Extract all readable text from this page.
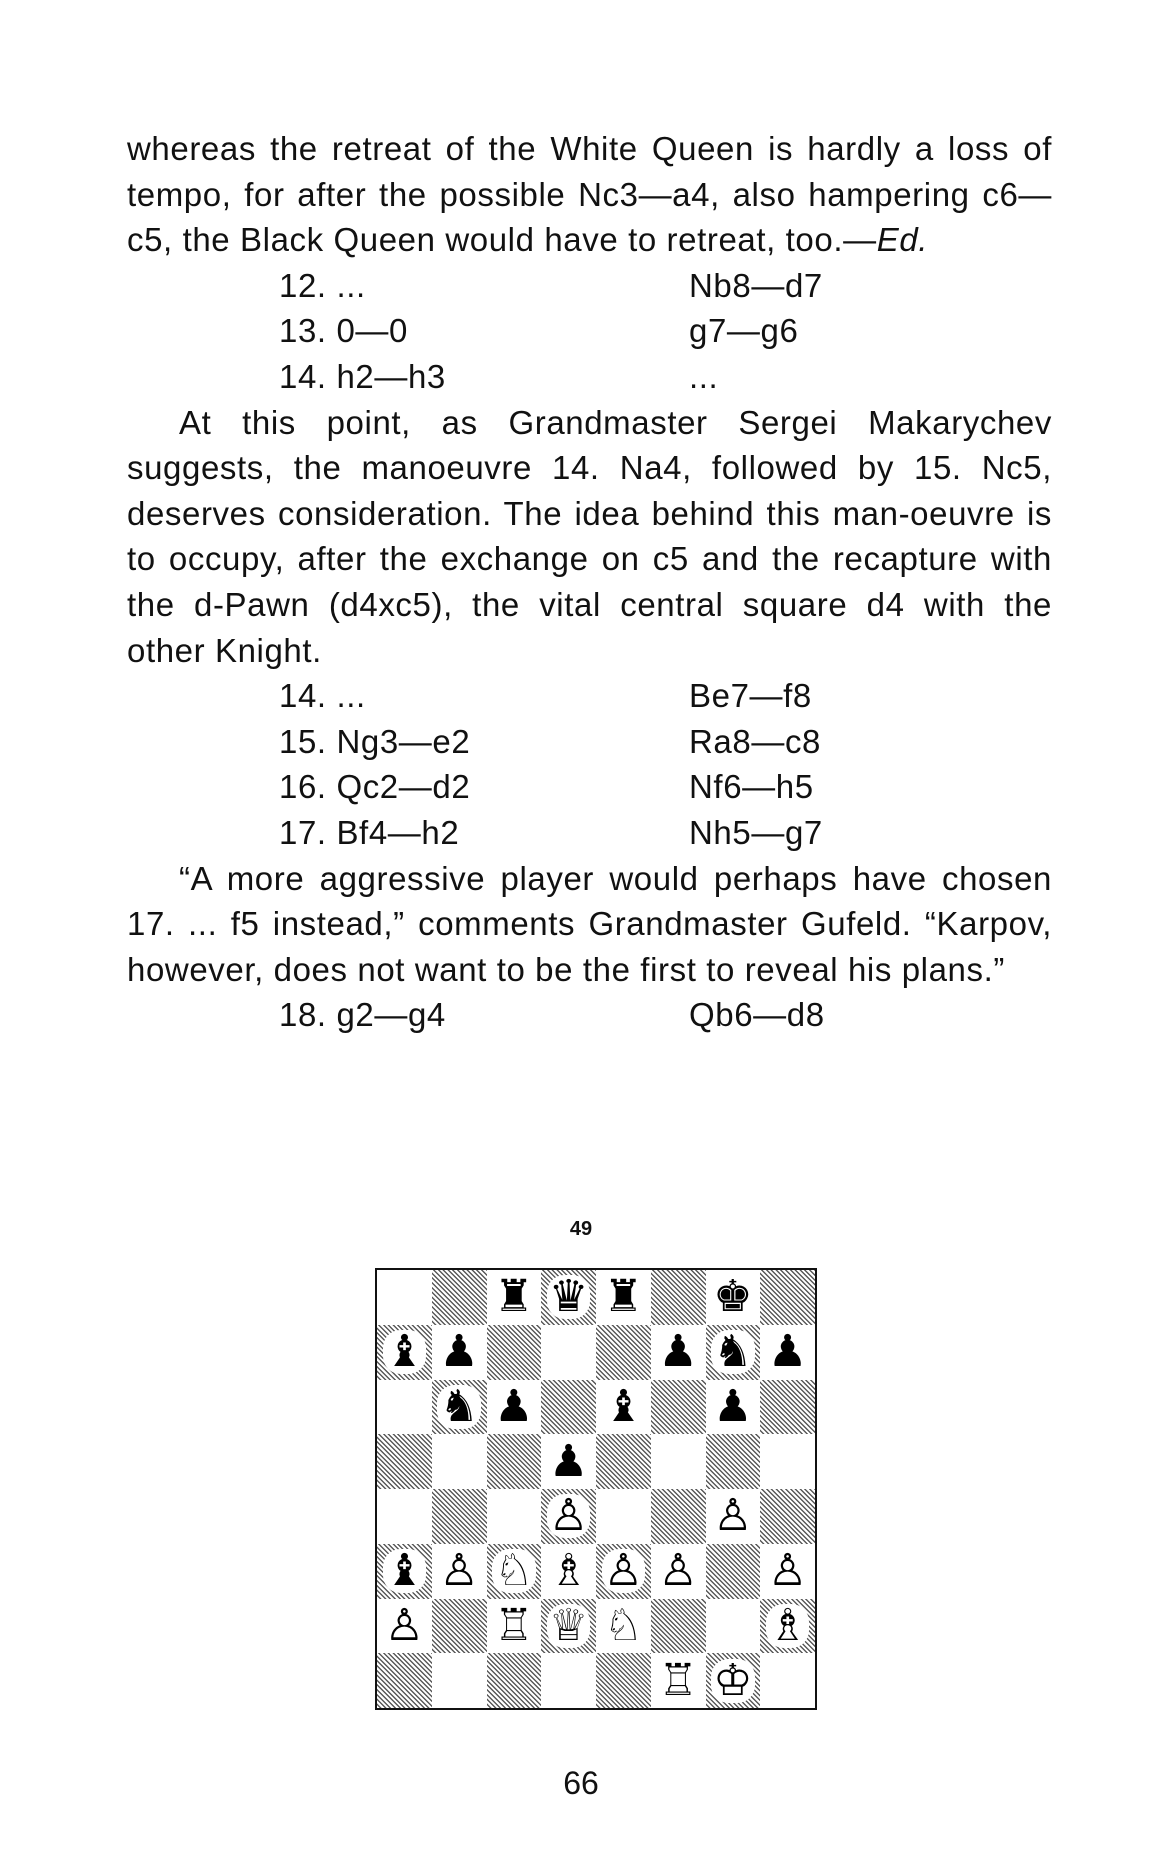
whereas the retreat of the White Queen is hardly a loss of tempo, for after the possible Nc3—a4, also hampering c6—c5, the Black Queen would have to retreat, too.—Ed.

12. ...	Nb8—d7
13. 0—0	g7—g6
14. h2—h3	...

At this point, as Grandmaster Sergei Makarychev suggests, the manoeuvre 14. Na4, followed by 15. Nc5, deserves consideration. The idea behind this man-oeuvre is to occupy, after the exchange on c5 and the recapture with the d-Pawn (d4xc5), the vital central square d4 with the other Knight.

14. ...	Be7—f8
15. Ng3—e2	Ra8—c8
16. Qc2—d2	Nf6—h5
17. Bf4—h2	Nh5—g7

“A more aggressive player would perhaps have chosen 17. ... f5 instead,” comments Grandmaster Gufeld. “Karpov, however, does not want to be the first to reveal his plans.”

18. g2—g4	Qb6—d8
49
♜ ♛ ♜ ♚
♝ ♟	♟ ♞ ♟
♞ ♟ ♝ ♟
♟
♙	♙
♝ ♙ ♘ ♗ ♙ ♙ ♙
♙ ♖ ♕ ♘	♗
♖ ♔
66
